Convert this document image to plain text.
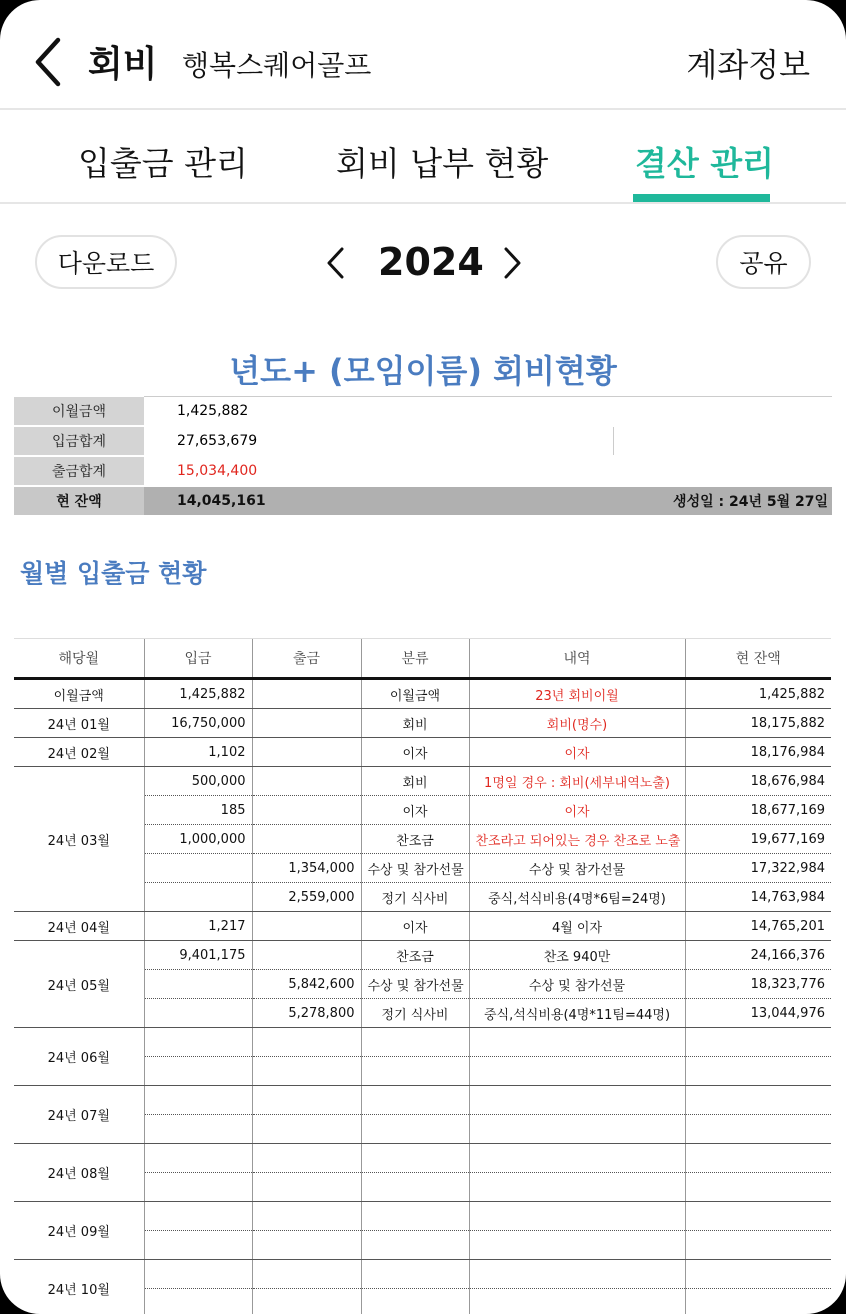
회비 행복스퀘어골프	계좌정보
입출금 관리	회비 납부 현황	결산 관리
다운로드	2024	공유
년도+ (모임이름) 회비현황
이월금액	1,425,882	
입금합계	27,653,679	
출금합계	15,034,400	
현 잔액	14,045,161	생성일 : 24년 5월 27일
월별 입출금 현황
해당월	입금	출금	분류	내역	현 잔액
이월금액	1,425,882		이월금액	23년 회비이월	1,425,882
24년 01월	16,750,000		회비	회비(명수)	18,175,882
24년 02월	1,102		이자	이자	18,176,984
24년 03월	500,000		회비	1명일 경우 : 회비(세부내역노출)	18,676,984
	185		이자	이자	18,677,169
	1,000,000		찬조금	찬조라고 되어있는 경우 찬조로 노출	19,677,169
		1,354,000	수상 및 참가선물	수상 및 참가선물	17,322,984
		2,559,000	정기 식사비	중식,석식비용(4명*6팀=24명)	14,763,984
24년 04월	1,217		이자	4월 이자	14,765,201
24년 05월	9,401,175		찬조금	찬조 940만	24,166,376
		5,842,600	수상 및 참가선물	수상 및 참가선물	18,323,776
		5,278,800	정기 식사비	중식,석식비용(4명*11팀=44명)	13,044,976
24년 06월					

24년 07월					

24년 08월					

24년 09월					

24년 10월					
